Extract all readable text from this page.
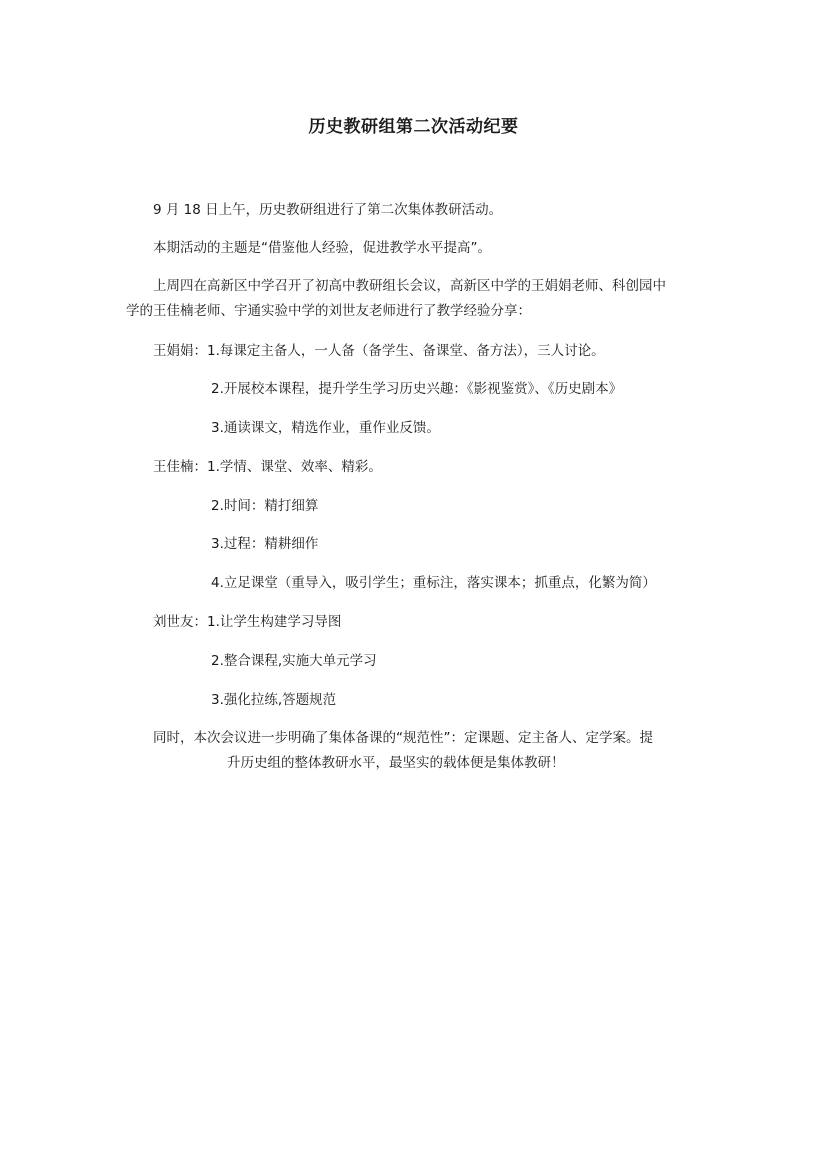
历史教研组第二次活动纪要
9 月 18 日上午，历史教研组进行了第二次集体教研活动。
本期活动的主题是“借鉴他人经验，促进教学水平提高”。
上周四在高新区中学召开了初高中教研组长会议，高新区中学的王娟娟老师、科创园中
学的王佳楠老师、宇通实验中学的刘世友老师进行了教学经验分享：
王娟娟：1.每课定主备人，一人备（备学生、备课堂、备方法），三人讨论。
2.开展校本课程，提升学生学习历史兴趣：《影视鉴赏》、《历史剧本》
3.通读课文，精选作业，重作业反馈。
王佳楠：1.学情、课堂、效率、精彩。
2.时间：精打细算
3.过程：精耕细作
4.立足课堂（重导入，吸引学生；重标注，落实课本；抓重点，化繁为简）
刘世友：1.让学生构建学习导图
2.整合课程,实施大单元学习
3.强化拉练,答题规范
同时，本次会议进一步明确了集体备课的“规范性”：定课题、定主备人、定学案。提
升历史组的整体教研水平，最坚实的载体便是集体教研！
